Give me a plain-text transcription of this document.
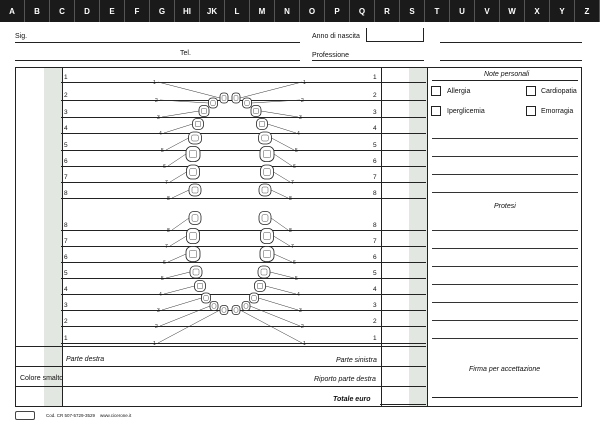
A	B	C	D	E	F	G	HI	JK	L	M	N	O	P	Q	R	S	T	U	V	W	X	Y	Z
Sig.	Anno di nascita
Tel.	Professione
1	1
2	2
3	3
4	4
5	5
6	6
7	7
8	8
8	8
7	7
6	6
5	5
4	4
3	3
2	2
1	1
1	1
2	2
3	3
4	4
5	5
6	6
7	7
8	8
8	8
7	7
6	6
5	5
4	4
3	3
2	2
1	1
Parte destra	Parte sinistra
Colore smalto	Riporto parte destra
Totale euro
Note personali
Allergia	Cardiopatia
Iperglicemia	Emorragia
Protesi
Firma per accettazione
Cod. CR 507-5729-3529 www.cicerone.it
